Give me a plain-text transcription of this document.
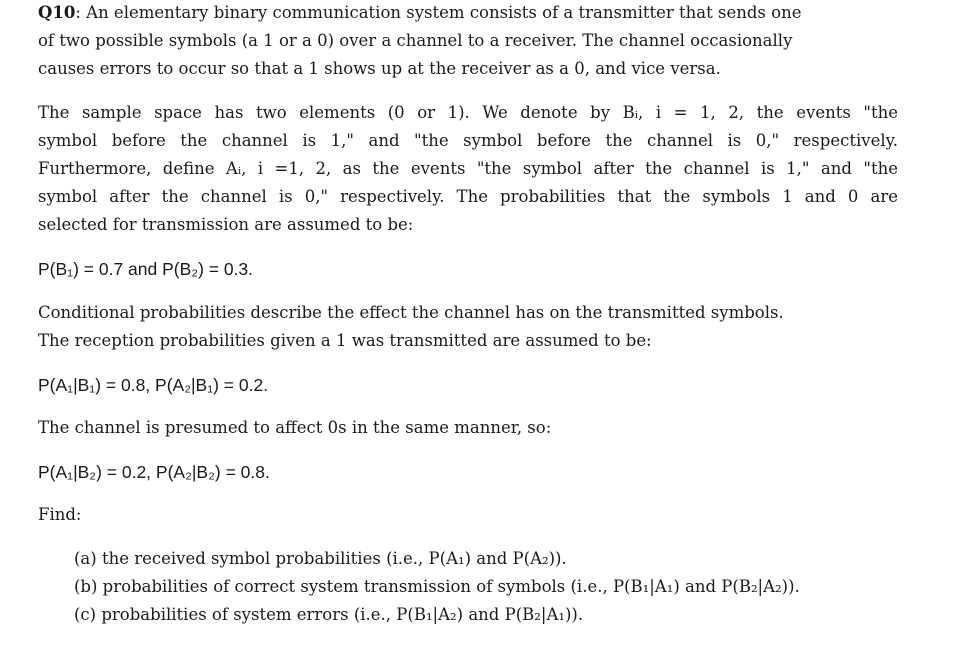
Q10: An elementary binary communication system consists of a transmitter that sends one
of two possible symbols (a 1 or a 0) over a channel to a receiver. The channel occasionally
causes errors to occur so that a 1 shows up at the receiver as a 0, and vice versa.
The sample space has two elements (0 or 1). We denote by Bᵢ, i = 1, 2, the events "the
symbol before the channel is 1," and "the symbol before the channel is 0," respectively.
Furthermore, define Aᵢ, i =1, 2, as the events "the symbol after the channel is 1," and "the
symbol after the channel is 0," respectively. The probabilities that the symbols 1 and 0 are
selected for transmission are assumed to be:
P(B₁) = 0.7 and P(B₂) = 0.3.
Conditional probabilities describe the effect the channel has on the transmitted symbols.
The reception probabilities given a 1 was transmitted are assumed to be:
P(A₁|B₁) = 0.8, P(A₂|B₁) = 0.2.
The channel is presumed to affect 0s in the same manner, so:
P(A₁|B₂) = 0.2, P(A₂|B₂) = 0.8.
Find:
(a) the received symbol probabilities (i.e., P(A₁) and P(A₂)).
(b) probabilities of correct system transmission of symbols (i.e., P(B₁|A₁) and P(B₂|A₂)).
(c) probabilities of system errors (i.e., P(B₁|A₂) and P(B₂|A₁)).
